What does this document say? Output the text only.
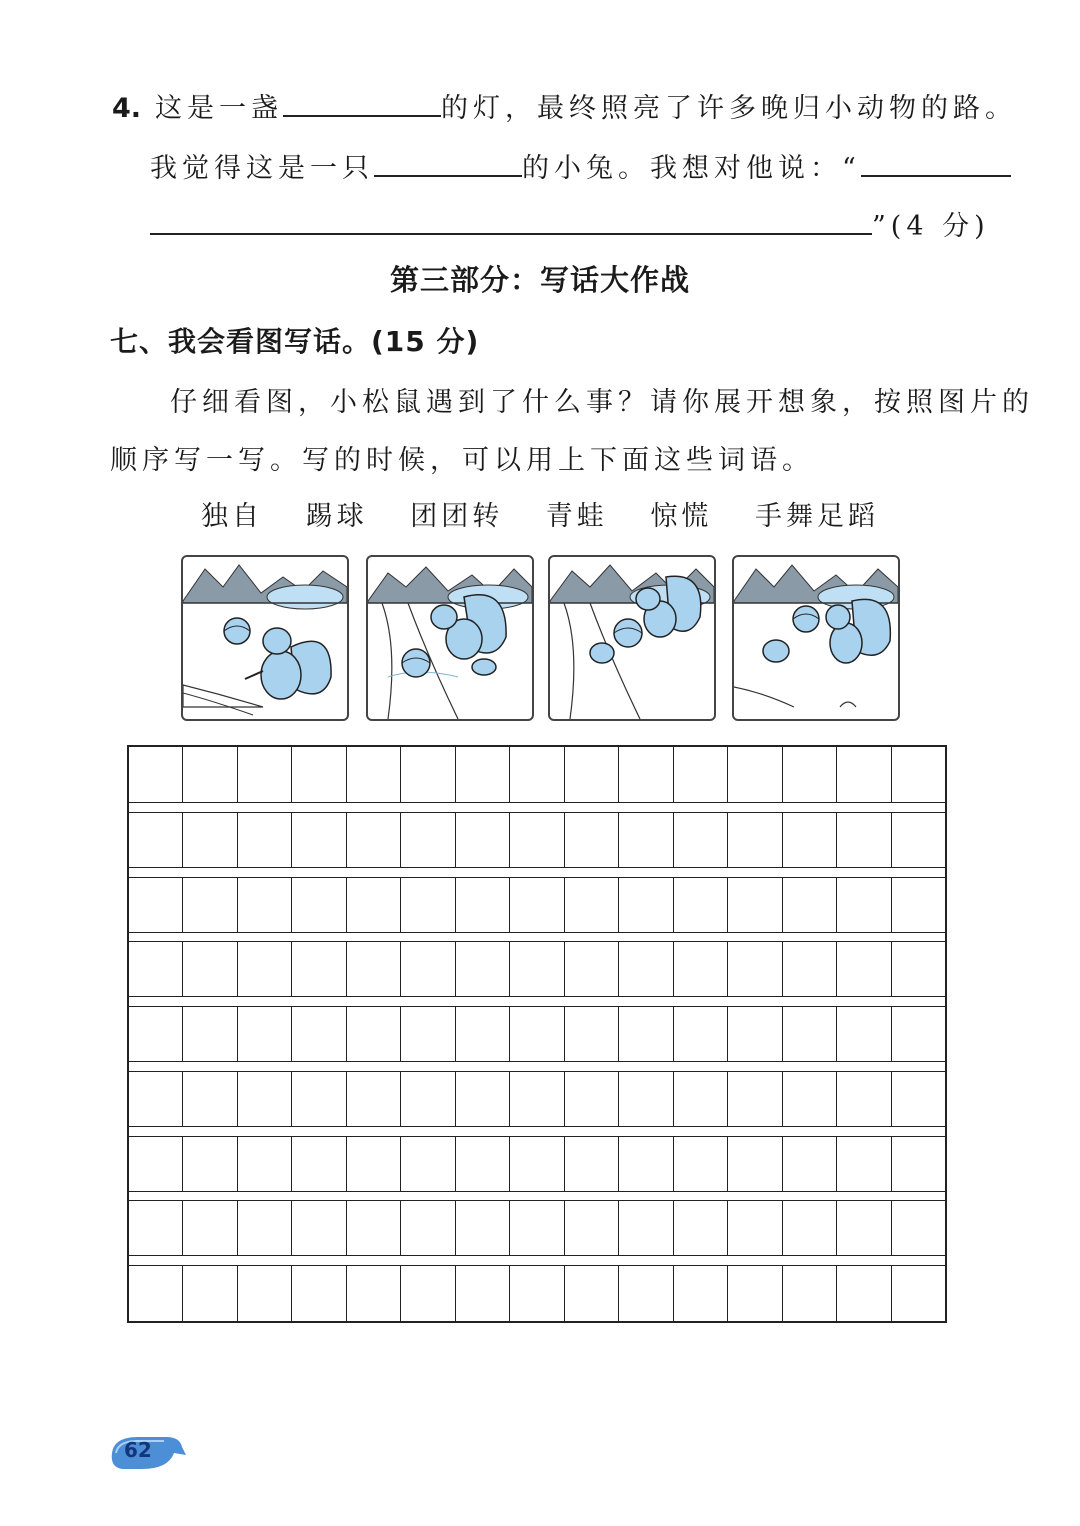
4. 这是一盏	的灯，最终照亮了许多晚归小动物的路。
我觉得这是一只	的小兔。我想对他说：“
”(4 分)
第三部分：写话大作战
七、我会看图写话。(15 分)
仔细看图，小松鼠遇到了什么事？请你展开想象，按照图片的
顺序写一写。写的时候，可以用上下面这些词语。
独自 踢球 团团转 青蛙 惊慌 手舞足蹈
62
